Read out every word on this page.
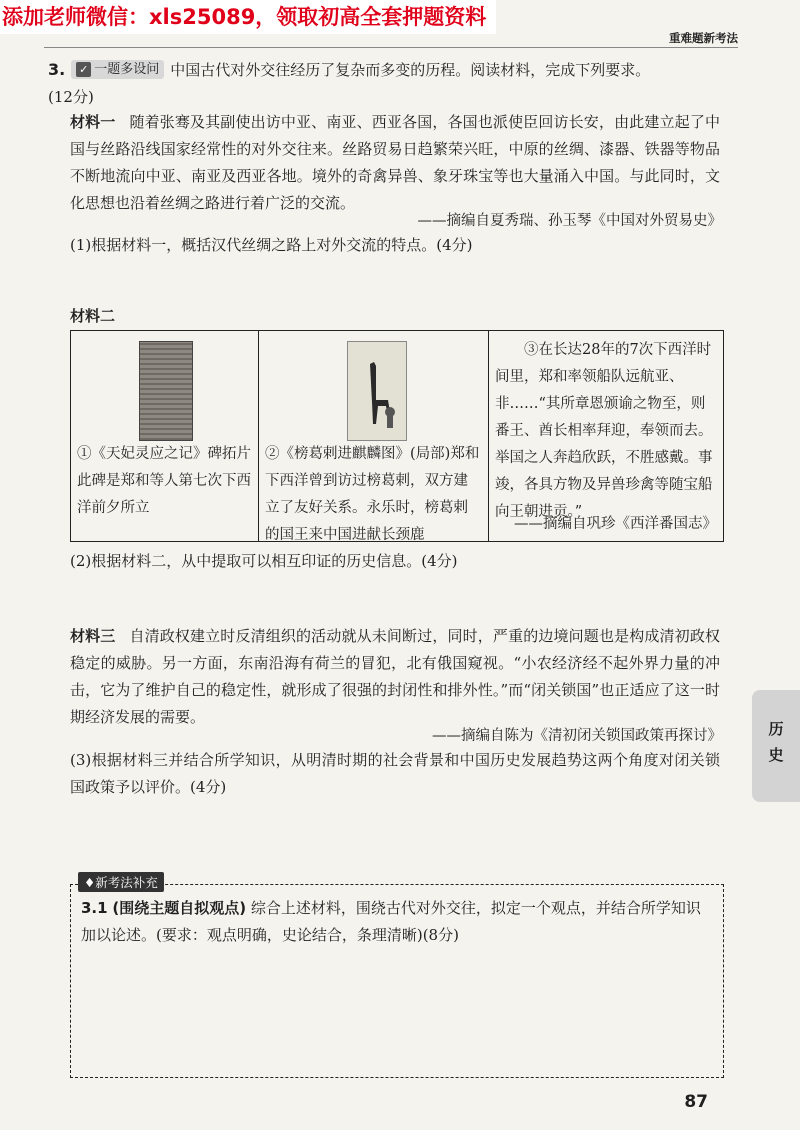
添加老师微信：xls25089，领取初高全套押题资料
重难题新考法
3. ✓ 一题多设问 中国古代对外交往经历了复杂而多变的历程。阅读材料，完成下列要求。
(12分)
材料一 随着张骞及其副使出访中亚、南亚、西亚各国，各国也派使臣回访长安，由此建立起了中国与丝路沿线国家经常性的对外交往来。丝路贸易日趋繁荣兴旺，中原的丝绸、漆器、铁器等物品不断地流向中亚、南亚及西亚各地。境外的奇禽异兽、象牙珠宝等也大量涌入中国。与此同时，文化思想也沿着丝绸之路进行着广泛的交流。
——摘编自夏秀瑞、孙玉琴《中国对外贸易史》
(1)根据材料一，概括汉代丝绸之路上对外交流的特点。(4分)
材料二
①《天妃灵应之记》碑拓片此碑是郑和等人第七次下西洋前夕所立
②《榜葛剌进麒麟图》(局部)郑和下西洋曾到访过榜葛剌，双方建立了友好关系。永乐时，榜葛剌的国王来中国进献长颈鹿
③在长达28年的7次下西洋时间里，郑和率领船队远航亚、非……“其所章恩颁谕之物至，则番王、酋长相率拜迎，奉领而去。举国之人奔趋欣跃，不胜感戴。事竣，各具方物及异兽珍禽等随宝船向王朝进贡。”
——摘编自巩珍《西洋番国志》
(2)根据材料二，从中提取可以相互印证的历史信息。(4分)
材料三 自清政权建立时反清组织的活动就从未间断过，同时，严重的边境问题也是构成清初政权稳定的威胁。另一方面，东南沿海有荷兰的冒犯，北有俄国窥视。“小农经济经不起外界力量的冲击，它为了维护自己的稳定性，就形成了很强的封闭性和排外性。”而“闭关锁国”也正适应了这一时期经济发展的需要。
——摘编自陈为《清初闭关锁国政策再探讨》
(3)根据材料三并结合所学知识，从明清时期的社会背景和中国历史发展趋势这两个角度对闭关锁国政策予以评价。(4分)
历
史
3.1 (围绕主题自拟观点) 综合上述材料，围绕古代对外交往，拟定一个观点，并结合所学知识加以论述。(要求：观点明确，史论结合，条理清晰)(8分)
♦新考法补充
87
